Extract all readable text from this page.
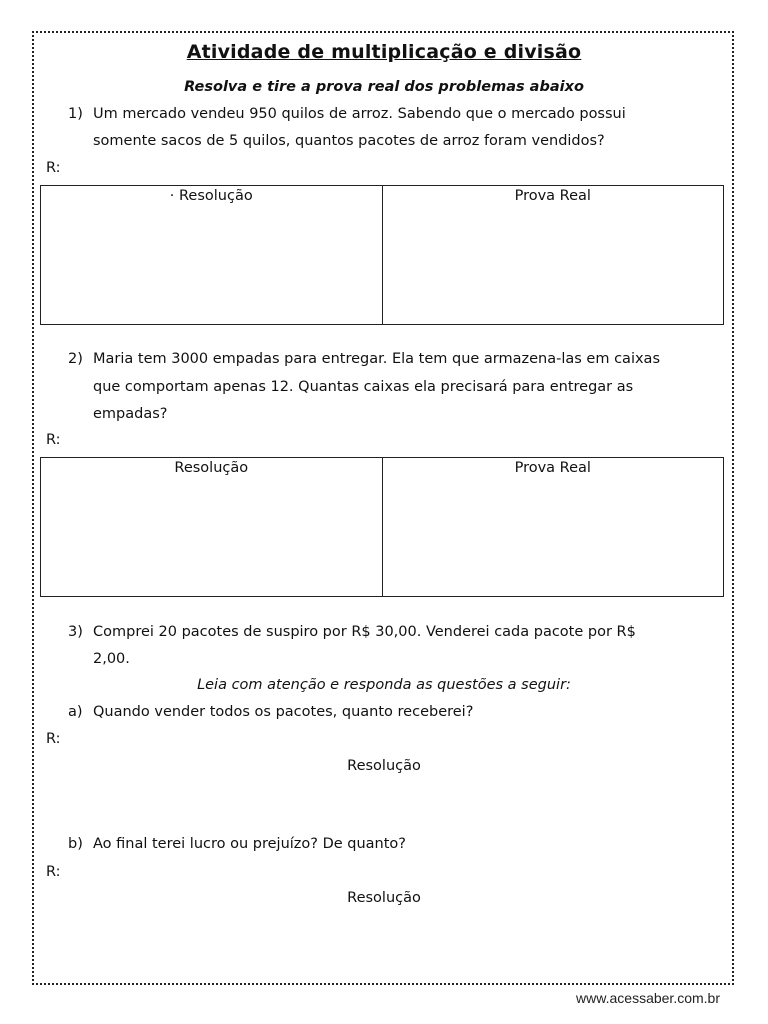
Atividade de multiplicação e divisão
Resolva e tire a prova real dos problemas abaixo
1) Um mercado vendeu 950 quilos de arroz. Sabendo que o mercado possui
somente sacos de 5 quilos, quantos pacotes de arroz foram vendidos?
R:
· Resolução	Prova Real
2) Maria tem 3000 empadas para entregar. Ela tem que armazena-las em caixas
que comportam apenas 12. Quantas caixas ela precisará para entregar as
empadas?
R:
Resolução	Prova Real
3) Comprei 20 pacotes de suspiro por R$ 30,00. Venderei cada pacote por R$
2,00.
Leia com atenção e responda as questões a seguir:
a) Quando vender todos os pacotes, quanto receberei?
R:
Resolução
b) Ao final terei lucro ou prejuízo? De quanto?
R:
Resolução
www.acessaber.com.br
